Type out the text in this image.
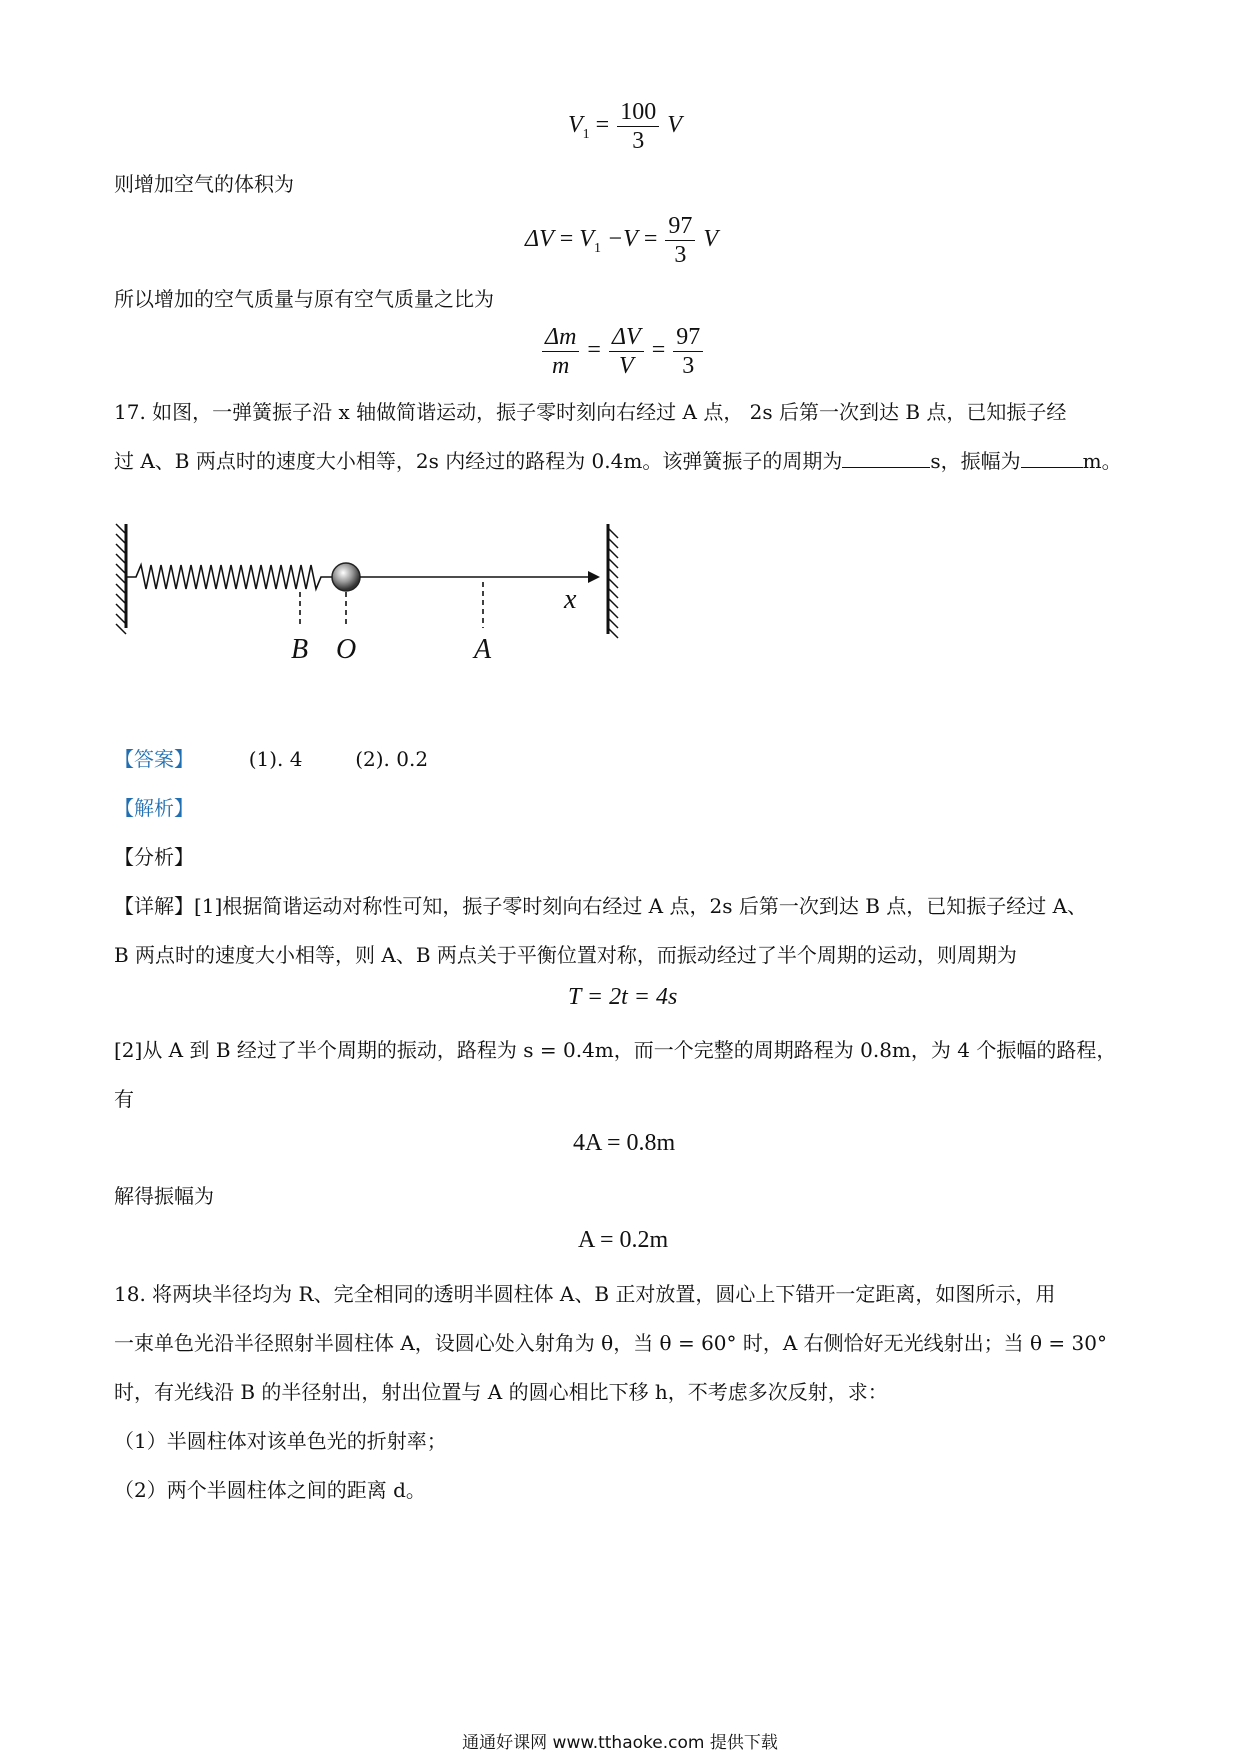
$V_1 = \frac{100}{3}$ V
则增加空气的体积为
$\Delta V = V_1 -V = \frac{97}{3}$ V
所以增加的空气质量与原有空气质量之比为
$\frac{\Delta m}{m} = \frac{\Delta V}{V} = \frac{97}{3}$
17. 如图，一弹簧振子沿 x 轴做简谐运动，振子零时刻向右经过 A 点， 2s 后第一次到达 B 点，已知振子经
过 A、B 两点时的速度大小相等，2s 内经过的路程为 0.4m。该弹簧振子的周期为	s，振幅为	m。
B O	A
x
【答案】	(1). 4	(2). 0.2
【解析】
【分析】
【详解】[1]根据简谐运动对称性可知，振子零时刻向右经过 A 点，2s 后第一次到达 B 点，已知振子经过 A、
B 两点时的速度大小相等，则 A、B 两点关于平衡位置对称，而振动经过了半个周期的运动，则周期为
T = 2t = 4s
[2]从 A 到 B 经过了半个周期的振动，路程为 s = 0.4m，而一个完整的周期路程为 0.8m，为 4 个振幅的路程，
有
4A = 0.8m
解得振幅为
A = 0.2m
18. 将两块半径均为 R、完全相同的透明半圆柱体 A、B 正对放置，圆心上下错开一定距离，如图所示，用
一束单色光沿半径照射半圆柱体 A，设圆心处入射角为 θ，当 θ = 60° 时，A 右侧恰好无光线射出；当 θ = 30°
时，有光线沿 B 的半径射出，射出位置与 A 的圆心相比下移 h，不考虑多次反射，求：
（1）半圆柱体对该单色光的折射率；
（2）两个半圆柱体之间的距离 d。
通通好课网 www.tthaoke.com 提供下载
